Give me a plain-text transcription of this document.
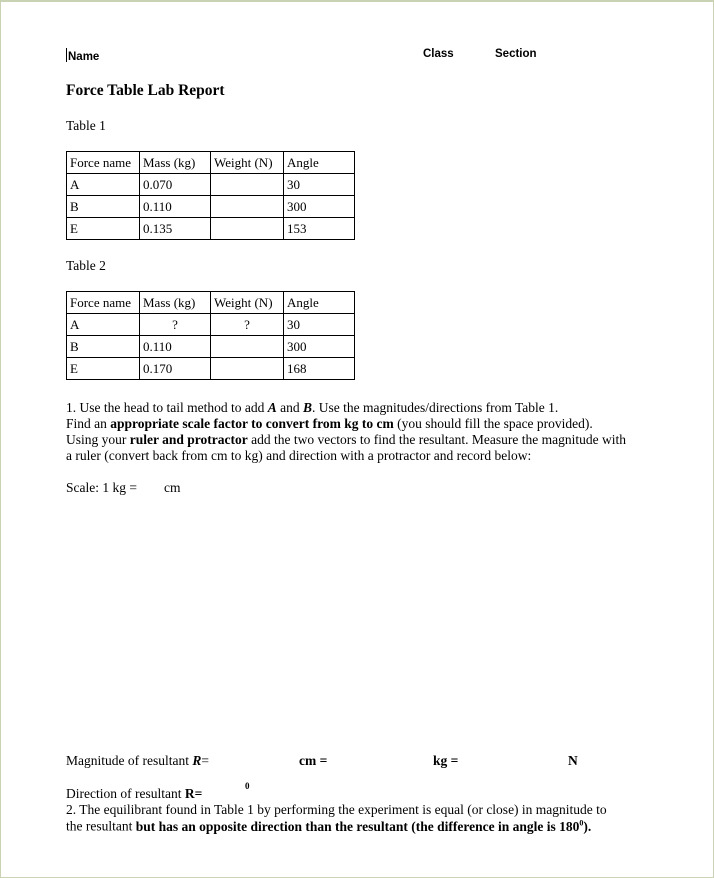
Name	Class	Section
Force Table Lab Report
Table 1
Force name	Mass (kg)	Weight (N)	Angle
A	0.070		30
B	0.110		300
E	0.135		153
Table 2
Force name	Mass (kg)	Weight (N)	Angle
A	?	?	30
B	0.110		300
E	0.170		168
1. Use the head to tail method to add A and B. Use the magnitudes/directions from Table 1.
Find an appropriate scale factor to convert from kg to cm (you should fill the space provided).
Using your ruler and protractor add the two vectors to find the resultant. Measure the magnitude with
a ruler (convert back from cm to kg) and direction with a protractor and record below:
Scale: 1 kg = cm
Magnitude of resultant R=	cm =	kg =	N
Direction of resultant R=	0
2. The equilibrant found in Table 1 by performing the experiment is equal (or close) in magnitude to
the resultant but has an opposite direction than the resultant (the difference in angle is $180^0$).
